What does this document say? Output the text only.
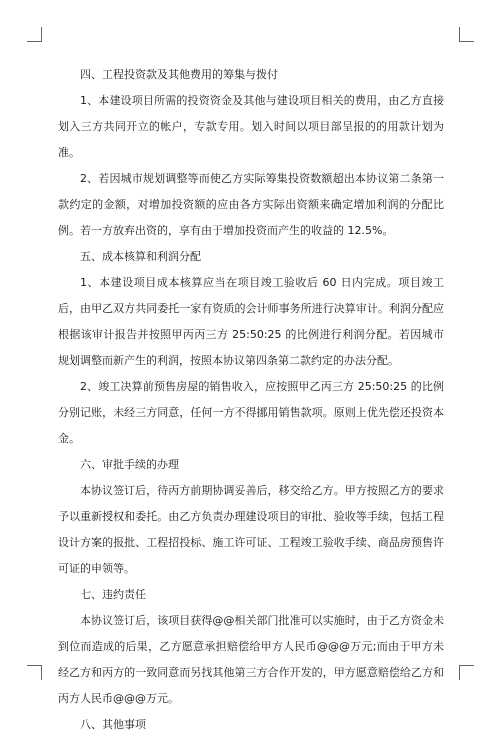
四、工程投资款及其他费用的筹集与拨付

1、本建设项目所需的投资资金及其他与建设项目相关的费用，由乙方直接划入三方共同开立的帐户，专款专用。划入时间以项目部呈报的的用款计划为准。

2、若因城市规划调整等而使乙方实际筹集投资数额超出本协议第二条第一款约定的金额，对增加投资额的应由各方实际出资额来确定增加利润的分配比例。若一方放弃出资的，享有由于增加投资而产生的收益的 12.5%。

五、成本核算和利润分配

1、本建设项目成本核算应当在项目竣工验收后 60 日内完成。项目竣工后，由甲乙双方共同委托一家有资质的会计师事务所进行决算审计。利润分配应根据该审计报告并按照甲丙丙三方 25:50:25 的比例进行利润分配。若因城市规划调整而新产生的利润，按照本协议第四条第二款约定的办法分配。

2、竣工决算前预售房屋的销售收入，应按照甲乙丙三方 25:50:25 的比例分别记账，未经三方同意，任何一方不得挪用销售款项。原则上优先偿还投资本金。

六、审批手续的办理

本协议签订后，待丙方前期协调妥善后，移交给乙方。甲方按照乙方的要求予以重新授权和委托。由乙方负责办理建设项目的审批、验收等手续，包括工程设计方案的报批、工程招投标、施工许可证、工程竣工验收手续、商品房预售许可证的申领等。

七、违约责任

本协议签订后，该项目获得@@相关部门批准可以实施时，由于乙方资金未到位而造成的后果，乙方愿意承担赔偿给甲方人民币@@@万元;而由于甲方未经乙方和丙方的一致同意而另找其他第三方合作开发的，甲方愿意赔偿给乙方和丙方人民币@@@万元。

八、其他事项
